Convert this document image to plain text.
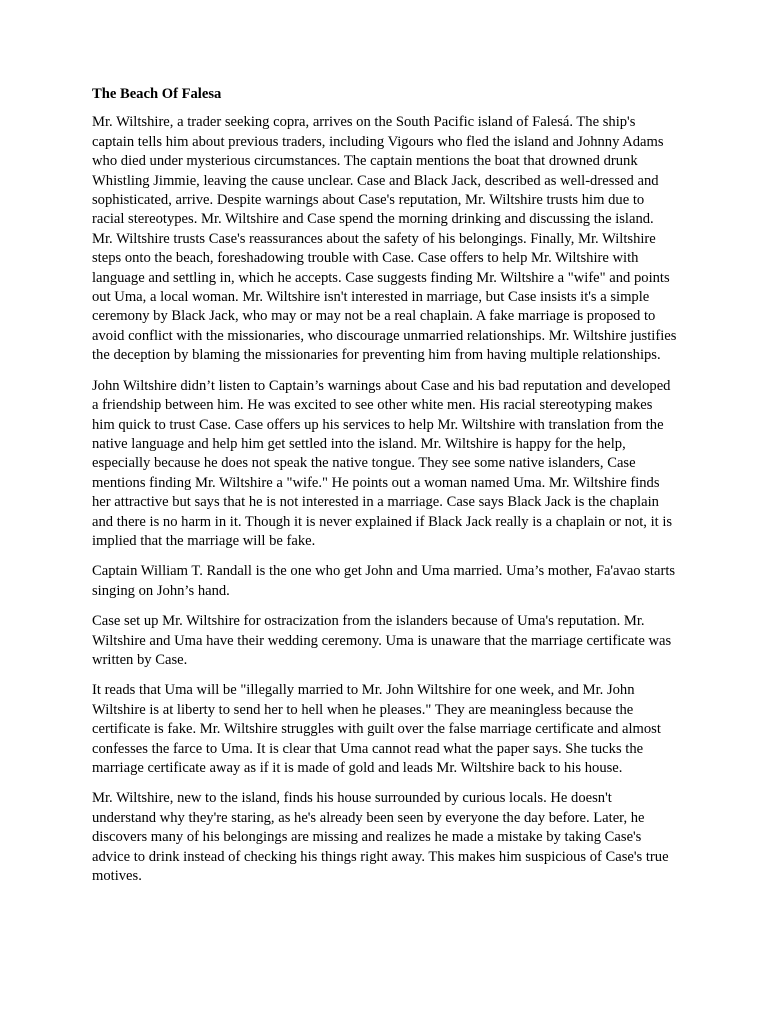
The Beach Of Falesa

Mr. Wiltshire, a trader seeking copra, arrives on the South Pacific island of Falesá. The ship's captain tells him about previous traders, including Vigours who fled the island and Johnny Adams who died under mysterious circumstances. The captain mentions the boat that drowned drunk Whistling Jimmie, leaving the cause unclear. Case and Black Jack, described as well-dressed and sophisticated, arrive. Despite warnings about Case's reputation, Mr. Wiltshire trusts him due to racial stereotypes. Mr. Wiltshire and Case spend the morning drinking and discussing the island. Mr. Wiltshire trusts Case's reassurances about the safety of his belongings. Finally, Mr. Wiltshire steps onto the beach, foreshadowing trouble with Case. Case offers to help Mr. Wiltshire with language and settling in, which he accepts. Case suggests finding Mr. Wiltshire a "wife" and points out Uma, a local woman. Mr. Wiltshire isn't interested in marriage, but Case insists it's a simple ceremony by Black Jack, who may or may not be a real chaplain. A fake marriage is proposed to avoid conflict with the missionaries, who discourage unmarried relationships. Mr. Wiltshire justifies the deception by blaming the missionaries for preventing him from having multiple relationships.

John Wiltshire didn’t listen to Captain’s warnings about Case and his bad reputation and developed a friendship between him. He was excited to see other white men. His racial stereotyping makes him quick to trust Case. Case offers up his services to help Mr. Wiltshire with translation from the native language and help him get settled into the island. Mr. Wiltshire is happy for the help, especially because he does not speak the native tongue. They see some native islanders, Case mentions finding Mr. Wiltshire a "wife." He points out a woman named Uma. Mr. Wiltshire finds her attractive but says that he is not interested in a marriage. Case says Black Jack is the chaplain and there is no harm in it. Though it is never explained if Black Jack really is a chaplain or not, it is implied that the marriage will be fake.

Captain William T. Randall is the one who get John and Uma married. Uma’s mother, Fa'avao starts singing on John’s hand.

Case set up Mr. Wiltshire for ostracization from the islanders because of Uma's reputation. Mr. Wiltshire and Uma have their wedding ceremony. Uma is unaware that the marriage certificate was written by Case.

It reads that Uma will be "illegally married to Mr. John Wiltshire for one week, and Mr. John Wiltshire is at liberty to send her to hell when he pleases." They are meaningless because the certificate is fake. Mr. Wiltshire struggles with guilt over the false marriage certificate and almost confesses the farce to Uma. It is clear that Uma cannot read what the paper says. She tucks the marriage certificate away as if it is made of gold and leads Mr. Wiltshire back to his house.

Mr. Wiltshire, new to the island, finds his house surrounded by curious locals. He doesn't understand why they're staring, as he's already been seen by everyone the day before. Later, he discovers many of his belongings are missing and realizes he made a mistake by taking Case's advice to drink instead of checking his things right away. This makes him suspicious of Case's true motives.
